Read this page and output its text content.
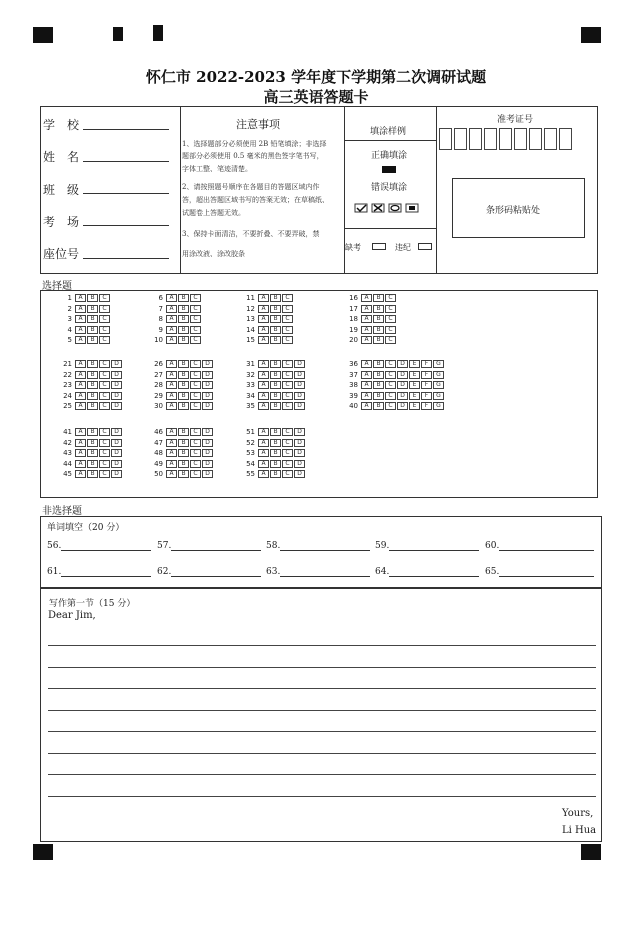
怀仁市 2022-2023 学年度下学期第二次调研试题
高三英语答题卡
学　校
姓　名
班　级
考　场
座位号
注意事项
1、选择题部分必须使用 2B 铅笔填涂；非选择
题部分必须使用 0.5 毫米的黑色签字笔书写，
字体工整、笔迹清楚。
2、请按照题号顺序在各题目的答题区域内作
答，超出答题区域书写的答案无效；在草稿纸、
试题卷上答题无效。
3、保持卡面清洁，不要折叠、不要弄破，禁
用涂改液、涂改胶条
填涂样例
正确填涂
错误填涂
缺考	违纪
准考证号
条形码粘贴处
选择题
1 A B C
2 A B C
3 A B C
4 A B C
5 A B C
6 A B C
7 A B C
8 A B C
9 A B C
10 A B C
11 A B C
12 A B C
13 A B C
14 A B C
15 A B C
16 A B C
17 A B C
18 A B C
19 A B C
20 A B C
21 A B C D
22 A B C D
23 A B C D
24 A B C D
25 A B C D
26 A B C D
27 A B C D
28 A B C D
29 A B C D
30 A B C D
31 A B C D
32 A B C D
33 A B C D
34 A B C D
35 A B C D
36 A B C D E F G
37 A B C D E F G
38 A B C D E F G
39 A B C D E F G
40 A B C D E F G
41 A B C D
42 A B C D
43 A B C D
44 A B C D
45 A B C D
46 A B C D
47 A B C D
48 A B C D
49 A B C D
50 A B C D
51 A B C D
52 A B C D
53 A B C D
54 A B C D
55 A B C D
非选择题
单词填空（20 分）
56.	57.	58.	59.	60.
61.	62.	63.	64.	65.
写作第一节（15 分）
Dear Jim,
Yours,
Li Hua
